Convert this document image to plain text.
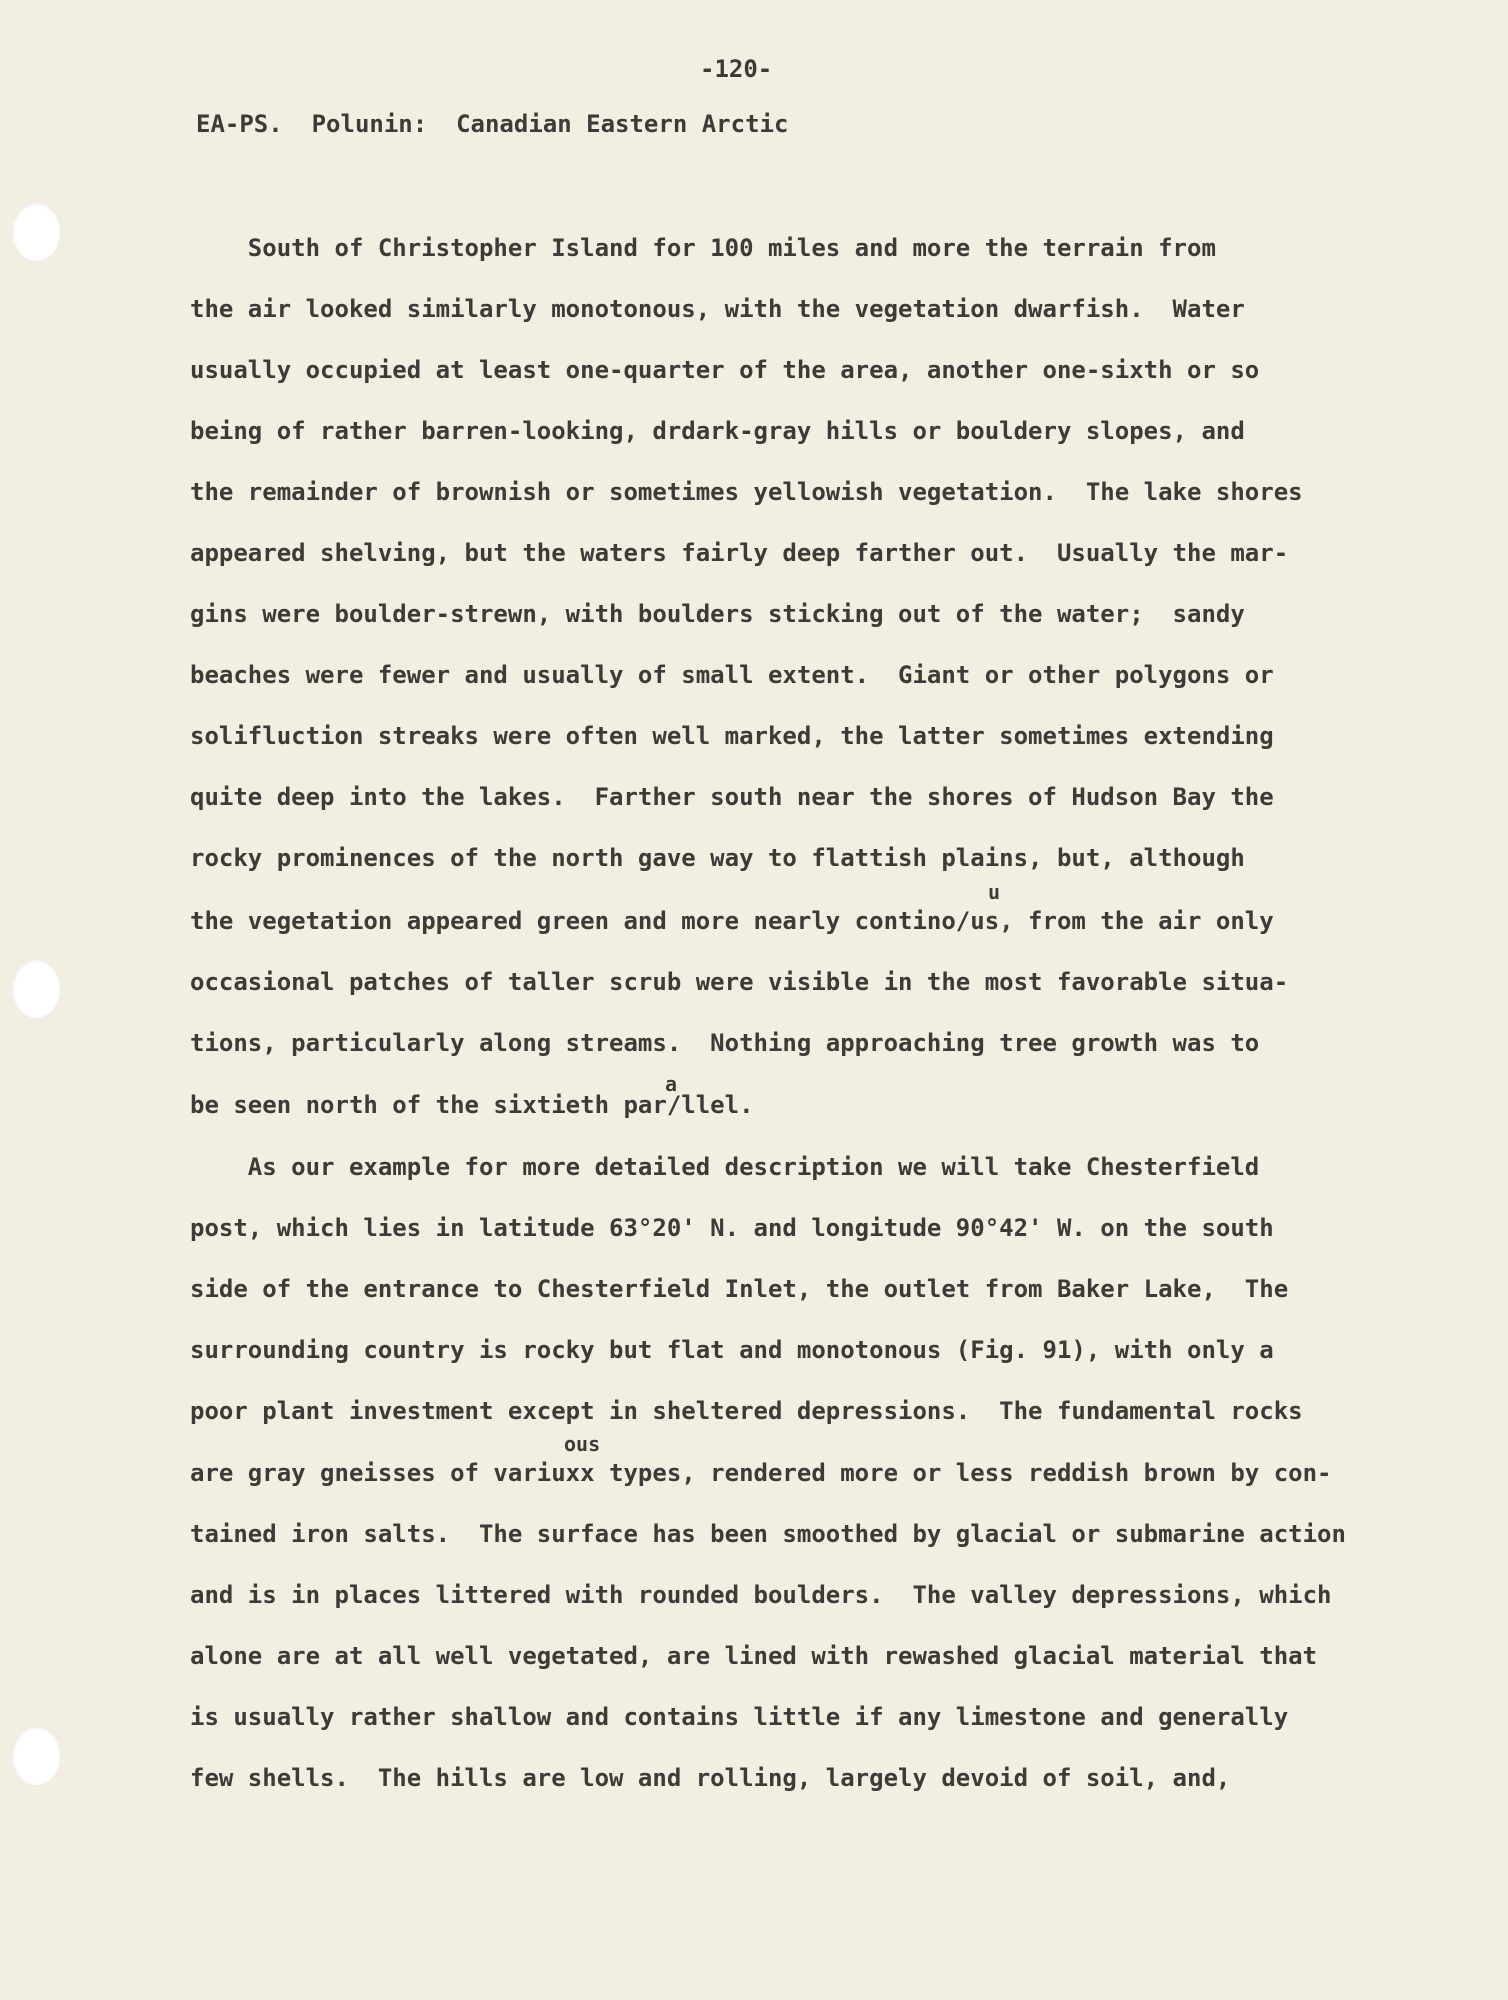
-120-
EA-PS.  Polunin:  Canadian Eastern Arctic
South of Christopher Island for 100 miles and more the terrain from
the air looked similarly monotonous, with the vegetation dwarfish.  Water
usually occupied at least one-quarter of the area, another one-sixth or so
being of rather barren-looking, drdark-gray hills or bouldery slopes, and
the remainder of brownish or sometimes yellowish vegetation.  The lake shores
appeared shelving, but the waters fairly deep farther out.  Usually the mar-
gins were boulder-strewn, with boulders sticking out of the water;  sandy
beaches were fewer and usually of small extent.  Giant or other polygons or
solifluction streaks were often well marked, the latter sometimes extending
quite deep into the lakes.  Farther south near the shores of Hudson Bay the
rocky prominences of the north gave way to flattish plains, but, although
u
the vegetation appeared green and more nearly contino/us, from the air only
occasional patches of taller scrub were visible in the most favorable situa-
tions, particularly along streams.  Nothing approaching tree growth was to
a
be seen north of the sixtieth par/llel.
As our example for more detailed description we will take Chesterfield
post, which lies in latitude 63°20' N. and longitude 90°42' W. on the south
side of the entrance to Chesterfield Inlet, the outlet from Baker Lake,  The
surrounding country is rocky but flat and monotonous (Fig. 91), with only a
poor plant investment except in sheltered depressions.  The fundamental rocks
ous
are gray gneisses of variuxx types, rendered more or less reddish brown by con-
tained iron salts.  The surface has been smoothed by glacial or submarine action
and is in places littered with rounded boulders.  The valley depressions, which
alone are at all well vegetated, are lined with rewashed glacial material that
is usually rather shallow and contains little if any limestone and generally
few shells.  The hills are low and rolling, largely devoid of soil, and,
